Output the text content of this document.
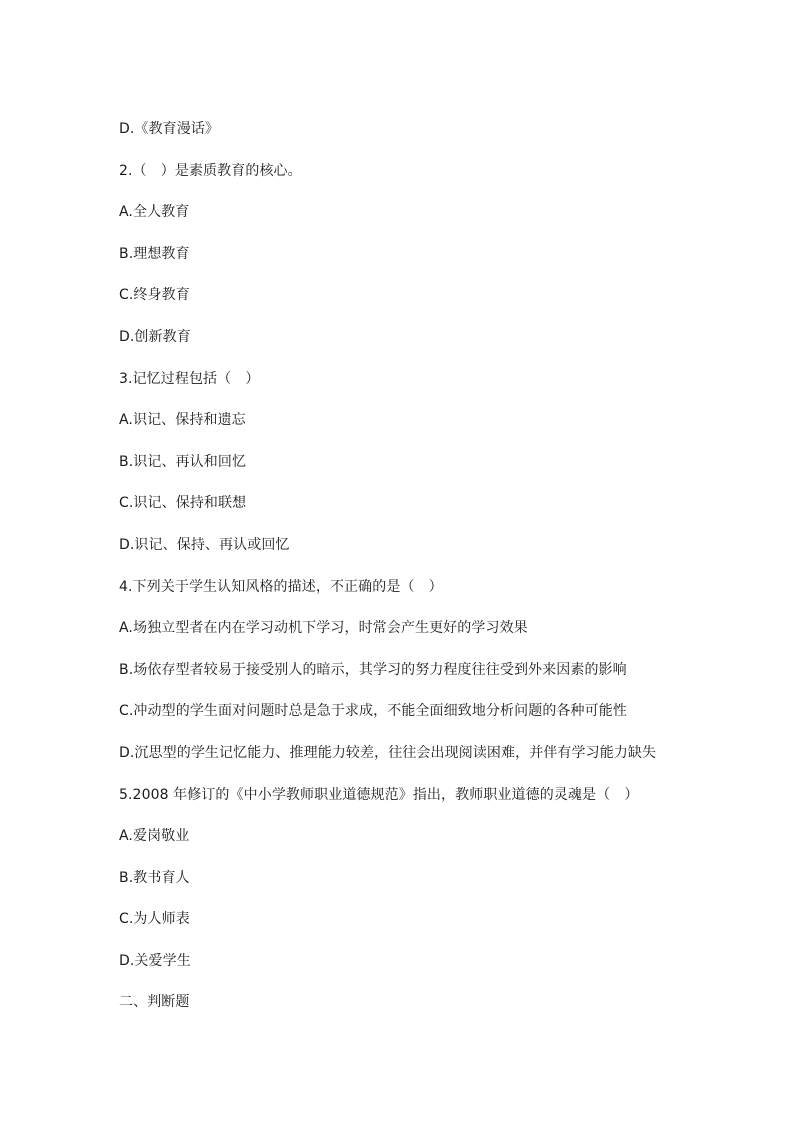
D.《教育漫话》
2.（　）是素质教育的核心。
A.全人教育
B.理想教育
C.终身教育
D.创新教育
3.记忆过程包括（　）
A.识记、保持和遗忘
B.识记、再认和回忆
C.识记、保持和联想
D.识记、保持、再认或回忆
4.下列关于学生认知风格的描述，不正确的是（　）
A.场独立型者在内在学习动机下学习，时常会产生更好的学习效果
B.场依存型者较易于接受别人的暗示，其学习的努力程度往往受到外来因素的影响
C.冲动型的学生面对问题时总是急于求成，不能全面细致地分析问题的各种可能性
D.沉思型的学生记忆能力、推理能力较差，往往会出现阅读困难，并伴有学习能力缺失
5.2008 年修订的《中小学教师职业道德规范》指出，教师职业道德的灵魂是（　）
A.爱岗敬业
B.教书育人
C.为人师表
D.关爱学生
二、判断题
